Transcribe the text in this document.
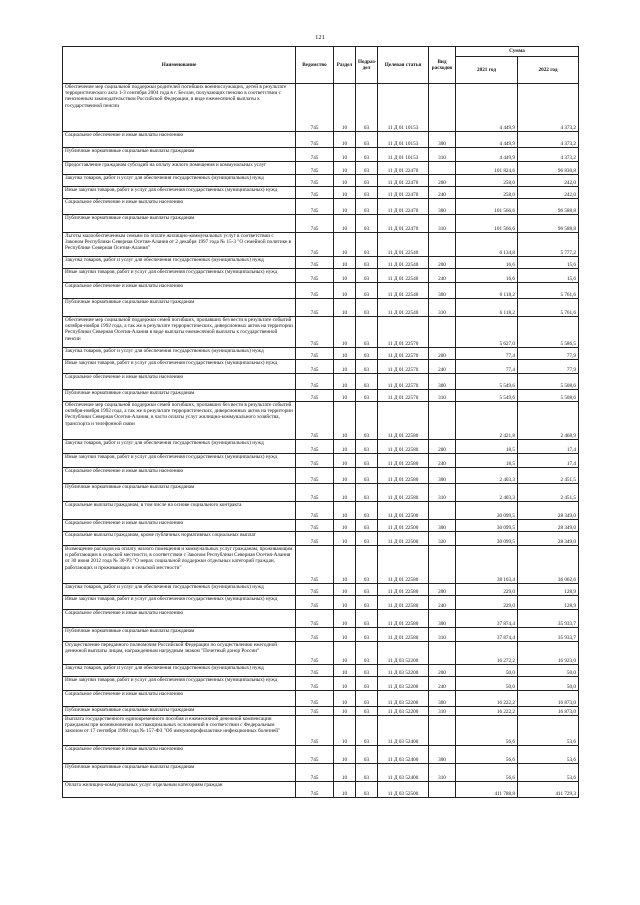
121
Наименование	Ведомство	Раздел	Подраз-дел	Целевая статья	Вид расходов	Сумма	
						2021 год	2022 год
Обеспечение мер социальной поддержки родителей погибших военнослужащих, детей в результате террористического акта 1-3 сентября 2004 года в г. Беслан, получающих пенсию в соответствии с пенсионным законодательством Российской Федерации, в виде ежемесячной выплаты к государственной пенсии	745	10	03	11 Д 01 10153		4 449,9	4 373,2
Социальное обеспечение и иные выплаты населению	745	10	03	11 Д 01 10153	300	4 449,9	4 373,2
Публичные нормативные социальные выплаты гражданам	745	10	03	11 Д 01 10153	310	4 449,9	4 373,2
Предоставление гражданам субсидий на оплату жилого помещения и коммунальных услуг	745	10	03	11 Д 01 22470		101 824,6	96 830,8
Закупка товаров, работ и услуг для обеспечения государственных (муниципальных) нужд	745	10	03	11 Д 01 22470	200	258,0	242,0
Иные закупки товаров, работ и услуг для обеспечения государственных (муниципальных) нужд	745	10	03	11 Д 01 22470	240	258,0	242,0
Социальное обеспечение и иные выплаты населению	745	10	03	11 Д 01 22470	300	101 566,6	96 588,8
Публичные нормативные социальные выплаты гражданам	745	10	03	11 Д 01 22470	310	101 566,6	96 588,8
Льготы малообеспеченным семьям по оплате жилищно-коммунальных услуг в соответствии с Законом Республики Северная Осетия-Алания от 2 декабря 1997 года № 15-3 "О семейной политике в Республике Северная Осетия-Алания"	745	10	03	11 Д 01 22540		6 134,8	5 777,2
Закупка товаров, работ и услуг для обеспечения государственных (муниципальных) нужд	745	10	03	11 Д 01 22540	200	16,6	15,6
Иные закупки товаров, работ и услуг для обеспечения государственных (муниципальных) нужд	745	10	03	11 Д 01 22540	240	16,6	15,6
Социальное обеспечение и иные выплаты населению	745	10	03	11 Д 01 22540	300	6 118,2	5 761,6
Публичные нормативные социальные выплаты гражданам	745	10	03	11 Д 01 22540	310	6 118,2	5 761,6
Обеспечение мер социальной поддержки семей погибших, пропавших без вести в результате событий октября-ноября 1992 года, а так же в результате террористических, диверсионных актов на территории Республики Северная Осетия-Алания в виде выплаты ежемесячной выплаты к государственной пенсии	745	10	03	11 Д 01 22570		5 627,0	5 586,5
Закупка товаров, работ и услуг для обеспечения государственных (муниципальных) нужд	745	10	03	11 Д 01 22570	200	77,4	77,9
Иные закупки товаров, работ и услуг для обеспечения государственных (муниципальных) нужд	745	10	03	11 Д 01 22570	240	77,4	77,9
Социальное обеспечение и иные выплаты населению	745	10	03	11 Д 01 22570	300	5 549,6	5 508,6
Публичные нормативные социальные выплаты гражданам	745	10	03	11 Д 01 22570	310	5 549,6	5 508,6
Обеспечение мер социальной поддержки семей погибших, пропавших без вести в результате событий октября-ноября 1992 года, а так же в результате террористических, диверсионных актов на территории Республики Северная Осетия-Алания, в части оплаты услуг жилищно-коммунального хозяйства, транспорта и телефонной связи	745	10	03	11 Д 01 22580		2 421,8	2 468,9
Закупка товаров, работ и услуг для обеспечения государственных (муниципальных) нужд	745	10	03	11 Д 01 22580	200	18,5	17,4
Иные закупки товаров, работ и услуг для обеспечения государственных (муниципальных) нужд	745	10	03	11 Д 01 22580	240	18,5	17,4
Социальное обеспечение и иные выплаты населению	745	10	03	11 Д 01 22580	300	2 403,3	2 451,5
Публичные нормативные социальные выплаты гражданам	745	10	03	11 Д 01 22580	310	2 403,3	2 451,5
Социальные выплаты гражданам, в том числе на основе социального контракта	745	10	03	11 Д 01 22500		30 099,5	28 349,0
Социальное обеспечение и иные выплаты населению	745	10	03	11 Д 01 22500	300	30 099,5	28 349,0
Социальные выплаты гражданам, кроме публичных нормативных социальных выплат	745	10	03	11 Д 01 22500	320	30 099,5	28 349,0
Возмещение расходов на оплату жилого помещения и коммунальных услуг гражданам, проживающим и работающим в сельской местности, в соответствии с Законом Республики Северная Осетия-Алания от 30 июня 2012 года № 30-РЗ "О мерах социальной поддержки отдельных категорий граждан, работающих и проживающих в сельской местности"	745	10	03	11 Д 01 22580		38 103,4	36 062,6
Закупка товаров, работ и услуг для обеспечения государственных (муниципальных) нужд	745	10	03	11 Д 01 22580	200	229,0	128,9
Иные закупки товаров, работ и услуг для обеспечения государственных (муниципальных) нужд	745	10	03	11 Д 01 22580	240	229,0	128,9
Социальное обеспечение и иные выплаты населению	745	10	03	11 Д 01 22580	300	37 874,4	35 933,7
Публичные нормативные социальные выплаты гражданам	745	10	03	11 Д 01 22580	310	37 874,4	35 933,7
Осуществление переданного полномочия Российской Федерации по осуществлению ежегодной денежной выплаты лицам, награжденным нагрудным знаком "Почетный донор России"	745	10	03	11 Д 03 52200		16 272,2	16 923,0
Закупка товаров, работ и услуг для обеспечения государственных (муниципальных) нужд	745	10	03	11 Д 03 52200	200	50,0	50,0
Иные закупки товаров, работ и услуг для обеспечения государственных (муниципальных) нужд	745	10	03	11 Д 03 52200	240	50,0	50,0
Социальное обеспечение и иные выплаты населению	745	10	03	11 Д 03 52200	300	16 222,2	16 873,0
Публичные нормативные социальные выплаты гражданам	745	10	03	11 Д 03 52200	310	16 222,2	16 873,0
Выплата государственного единовременного пособия и ежемесячной денежной компенсации гражданам при возникновении поствакцинальных осложнений в соответствии с Федеральным законом от 17 сентября 1998 года № 157-ФЗ "Об иммунопрофилактике инфекционных болезней"	745	10	03	11 Д 03 52400		56,6	53,6
Социальное обеспечение и иные выплаты населению	745	10	03	11 Д 03 52400	300	56,6	53,6
Публичные нормативные социальные выплаты гражданам	745	10	03	11 Д 03 52400	310	56,6	53,6
Оплата жилищно-коммунальных услуг отдельным категориям граждан	745	10	03	11 Д 03 52500		411 788,8	411 729,3
